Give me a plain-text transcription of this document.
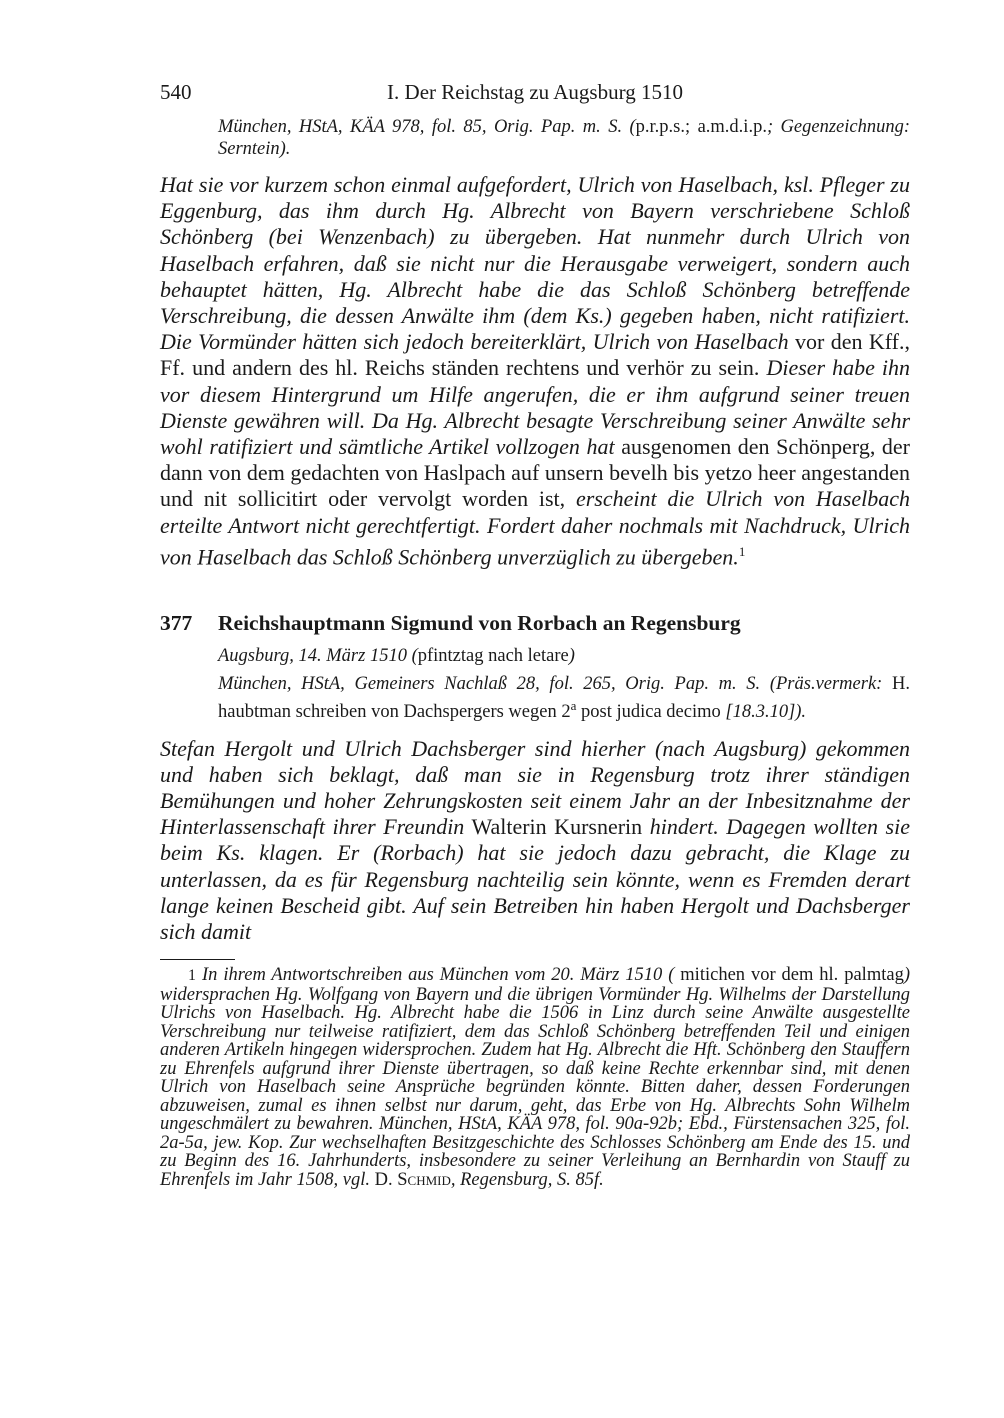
540	I. Der Reichstag zu Augsburg 1510
München, HStA, KÄA 978, fol. 85, Orig. Pap. m. S. (p.r.p.s.; a.m.d.i.p.; Gegenzeichnung: Serntein).

Hat sie vor kurzem schon einmal aufgefordert, Ulrich von Haselbach, ksl. Pfleger zu Eggenburg, das ihm durch Hg. Albrecht von Bayern verschriebene Schloß Schönberg (bei Wenzenbach) zu übergeben. Hat nunmehr durch Ulrich von Haselbach erfahren, daß sie nicht nur die Herausgabe verweigert, sondern auch behauptet hätten, Hg. Albrecht habe die das Schloß Schönberg betreffende Verschreibung, die dessen Anwälte ihm (dem Ks.) gegeben haben, nicht ratifiziert. Die Vormünder hätten sich jedoch bereiterklärt, Ulrich von Haselbach vor den Kff., Ff. und andern des hl. Reichs ständen rechtens und verhör zu sein. Dieser habe ihn vor diesem Hintergrund um Hilfe angerufen, die er ihm aufgrund seiner treuen Dienste gewähren will. Da Hg. Albrecht besagte Verschreibung seiner Anwälte sehr wohl ratifiziert und sämtliche Artikel vollzogen hat ausgenomen den Schönperg, der dann von dem gedachten von Haslpach auf unsern bevelh bis yetzo heer angestanden und nit sollicitirt oder vervolgt worden ist, erscheint die Ulrich von Haselbach erteilte Antwort nicht gerechtfertigt. Fordert daher nochmals mit Nachdruck, Ulrich von Haselbach das Schloß Schönberg unverzüglich zu übergeben.$^1$

377 Reichshauptmann Sigmund von Rorbach an Regensburg
Augsburg, 14. März 1510 (pfintztag nach letare)
München, HStA, Gemeiners Nachlaß 28, fol. 265, Orig. Pap. m. S. (Präs.vermerk: H. haubtman schreiben von Dachspergers wegen 2$^a$ post judica decimo [18.3.10]).

Stefan Hergolt und Ulrich Dachsberger sind hierher (nach Augsburg) gekommen und haben sich beklagt, daß man sie in Regensburg trotz ihrer ständigen Bemühungen und hoher Zehrungskosten seit einem Jahr an der Inbesitznahme der Hinterlassenschaft ihrer Freundin Walterin Kursnerin hindert. Dagegen wollten sie beim Ks. klagen. Er (Rorbach) hat sie jedoch dazu gebracht, die Klage zu unterlassen, da es für Regensburg nachteilig sein könnte, wenn es Fremden derart lange keinen Bescheid gibt. Auf sein Betreiben hin haben Hergolt und Dachsberger sich damit

1 In ihrem Antwortschreiben aus München vom 20. März 1510 ( mitichen vor dem hl. palmtag) widersprachen Hg. Wolfgang von Bayern und die übrigen Vormünder Hg. Wilhelms der Darstellung Ulrichs von Haselbach. Hg. Albrecht habe die 1506 in Linz durch seine Anwälte ausgestellte Verschreibung nur teilweise ratifiziert, dem das Schloß Schönberg betreffenden Teil und einigen anderen Artikeln hingegen widersprochen. Zudem hat Hg. Albrecht die Hft. Schönberg den Stauffern zu Ehrenfels aufgrund ihrer Dienste übertragen, so daß keine Rechte erkennbar sind, mit denen Ulrich von Haselbach seine Ansprüche begründen könnte. Bitten daher, dessen Forderungen abzuweisen, zumal es ihnen selbst nur darum, geht, das Erbe von Hg. Albrechts Sohn Wilhelm ungeschmälert zu bewahren. München, HStA, KÄA 978, fol. 90a-92b; Ebd., Fürstensachen 325, fol. 2a-5a, jew. Kop. Zur wechselhaften Besitzgeschichte des Schlosses Schönberg am Ende des 15. und zu Beginn des 16. Jahrhunderts, insbesondere zu seiner Verleihung an Bernhardin von Stauff zu Ehrenfels im Jahr 1508, vgl. D. Schmid, Regensburg, S. 85f.
